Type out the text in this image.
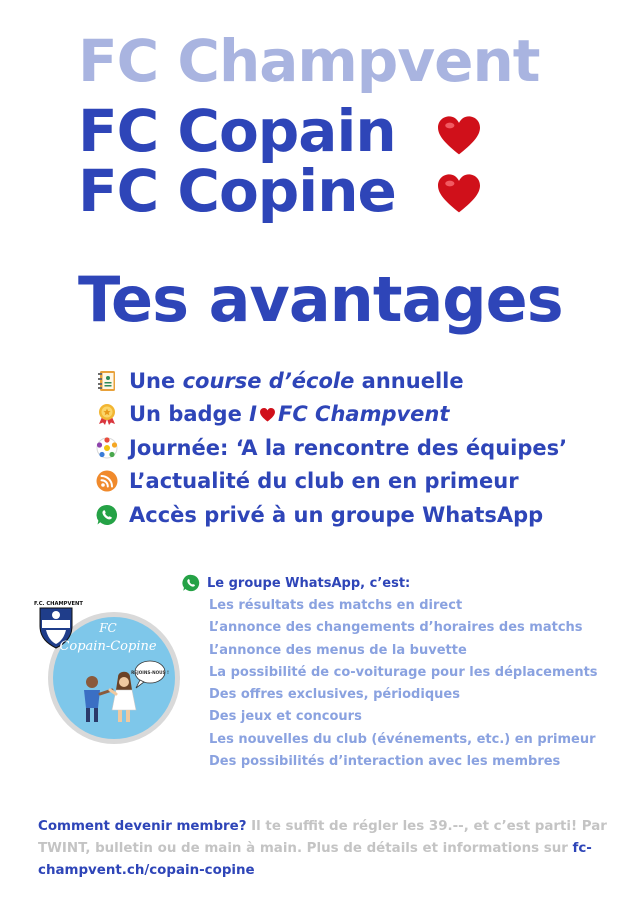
FC Champvent
FC Copain
FC Copine
Tes avantages
Une course d’école annuelle
Un badge I FC Champvent
Journée: ‘A la rencontre des équipes’
L’actualité du club en en primeur
Accès privé à un groupe WhatsApp
Le groupe WhatsApp, c’est:
Les résultats des matchs en direct
L’annonce des changements d’horaires des matchs
L’annonce des menus de la buvette
La possibilité de co-voiturage pour les déplacements
Des offres exclusives, périodiques
Des jeux et concours
Les nouvelles du club (événements, etc.) en primeur
Des possibilités d’interaction avec les membres
F.C. CHAMPVENT
FC
Copain-Copine
REJOINS-NOUS !

Comment devenir membre? Il te suffit de régler les 39.--, et c’est parti! Par TWINT, bulletin ou de main à main. Plus de détails et informations sur fc-champvent.ch/copain-copine
